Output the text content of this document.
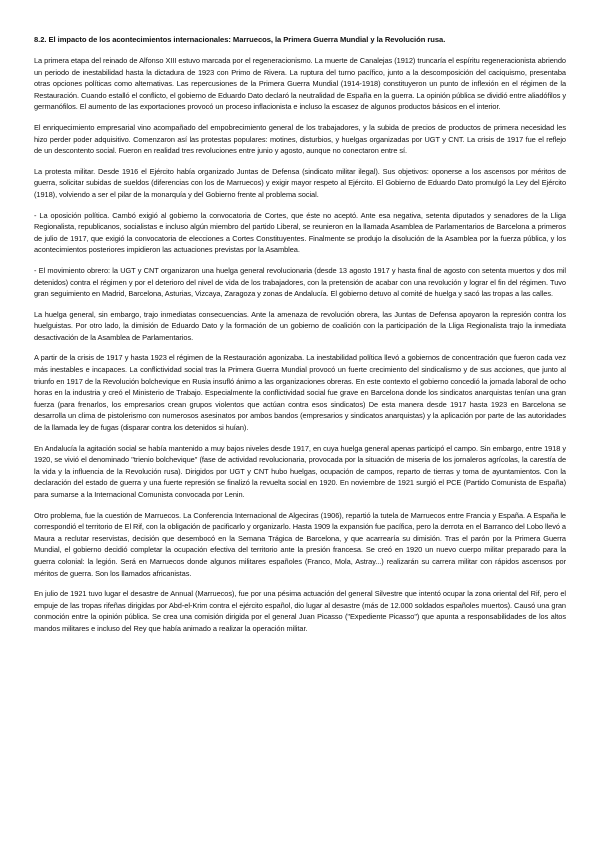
8.2. El impacto de los acontecimientos internacionales: Marruecos, la Primera Guerra Mundial y la Revolución rusa.

La primera etapa del reinado de Alfonso XIII estuvo marcada por el regeneracionismo. La muerte de Canalejas (1912) truncaría el espíritu regeneracionista abriendo un periodo de inestabilidad hasta la dictadura de 1923 con Primo de Rivera. La ruptura del turno pacífico, junto a la descomposición del caciquismo, presentaba otras opciones políticas como alternativas. Las repercusiones de la Primera Guerra Mundial (1914-1918) constituyeron un punto de inflexión en el régimen de la Restauración. Cuando estalló el conflicto, el gobierno de Eduardo Dato declaró la neutralidad de España en la guerra. La opinión pública se dividió entre aliadófilos y germanófilos. El aumento de las exportaciones provocó un proceso inflacionista e incluso la escasez de algunos productos básicos en el interior.

El enriquecimiento empresarial vino acompañado del empobrecimiento general de los trabajadores, y la subida de precios de productos de primera necesidad les hizo perder poder adquisitivo. Comenzaron así las protestas populares: motines, disturbios, y huelgas organizadas por UGT y CNT. La crisis de 1917 fue el reflejo de un descontento social. Fueron en realidad tres revoluciones entre junio y agosto, aunque no conectaron entre sí.

La protesta militar. Desde 1916 el Ejército había organizado Juntas de Defensa (sindicato militar ilegal). Sus objetivos: oponerse a los ascensos por méritos de guerra, solicitar subidas de sueldos (diferencias con los de Marruecos) y exigir mayor respeto al Ejército. El Gobierno de Eduardo Dato promulgó la Ley del Ejército (1918), volviendo a ser el pilar de la monarquía y del Gobierno frente al problema social.

- La oposición política. Cambó exigió al gobierno la convocatoria de Cortes, que éste no aceptó. Ante esa negativa, setenta diputados y senadores de la Lliga Regionalista, republicanos, socialistas e incluso algún miembro del partido Liberal, se reunieron en la llamada Asamblea de Parlamentarios de Barcelona a primeros de julio de 1917, que exigió la convocatoria de elecciones a Cortes Constituyentes. Finalmente se produjo la disolución de la Asamblea por la fuerza pública, y los acontecimientos posteriores impidieron las actuaciones previstas por la Asamblea.

- El movimiento obrero: la UGT y CNT organizaron una huelga general revolucionaria (desde 13 agosto 1917 y hasta final de agosto con setenta muertos y dos mil detenidos) contra el régimen y por el deterioro del nivel de vida de los trabajadores, con la pretensión de acabar con una revolución y lograr el fin del régimen. Tuvo gran seguimiento en Madrid, Barcelona, Asturias, Vizcaya, Zaragoza y zonas de Andalucía. El gobierno detuvo al comité de huelga y sacó las tropas a las calles.

La huelga general, sin embargo, trajo inmediatas consecuencias. Ante la amenaza de revolución obrera, las Juntas de Defensa apoyaron la represión contra los huelguistas. Por otro lado, la dimisión de Eduardo Dato y la formación de un gobierno de coalición con la participación de la Lliga Regionalista trajo la inmediata desactivación de la Asamblea de Parlamentarios.

A partir de la crisis de 1917 y hasta 1923 el régimen de la Restauración agonizaba. La inestabilidad política llevó a gobiernos de concentración que fueron cada vez más inestables e incapaces. La conflictividad social tras la Primera Guerra Mundial provocó un fuerte crecimiento del sindicalismo y de sus acciones, que junto al triunfo en 1917 de la Revolución bolchevique en Rusia insufló ánimo a las organizaciones obreras. En este contexto el gobierno concedió la jornada laboral de ocho horas en la industria y creó el Ministerio de Trabajo. Especialmente la conflictividad social fue grave en Barcelona donde los sindicatos anarquistas tenían una gran fuerza (para frenarlos, los empresarios crean grupos violentos que actúan contra esos sindicatos) De esta manera desde 1917 hasta 1923 en Barcelona se desarrolla un clima de pistolerismo con numerosos asesinatos por ambos bandos (empresarios y sindicatos anarquistas) y la aplicación por parte de las autoridades de la llamada ley de fugas (disparar contra los detenidos si huían).

En Andalucía la agitación social se había mantenido a muy bajos niveles desde 1917, en cuya huelga general apenas participó el campo. Sin embargo, entre 1918 y 1920, se vivió el denominado "trienio bolchevique" (fase de actividad revolucionaria, provocada por la situación de miseria de los jornaleros agrícolas, la carestía de la vida y la influencia de la Revolución rusa). Dirigidos por UGT y CNT hubo huelgas, ocupación de campos, reparto de tierras y toma de ayuntamientos. Con la declaración del estado de guerra y una fuerte represión se finalizó la revuelta social en 1920. En noviembre de 1921 surgió el PCE (Partido Comunista de España) para sumarse a la Internacional Comunista convocada por Lenin.

Otro problema, fue la cuestión de Marruecos. La Conferencia Internacional de Algeciras (1906), repartió la tutela de Marruecos entre Francia y España. A España le correspondió el territorio de El Rif, con la obligación de pacificarlo y organizarlo. Hasta 1909 la expansión fue pacífica, pero la derrota en el Barranco del Lobo llevó a Maura a reclutar reservistas, decisión que desembocó en la Semana Trágica de Barcelona, y que acarrearía su dimisión. Tras el parón por la Primera Guerra Mundial, el gobierno decidió completar la ocupación efectiva del territorio ante la presión francesa. Se creó en 1920 un nuevo cuerpo militar preparado para la guerra colonial: la legión. Será en Marruecos donde algunos militares españoles (Franco, Mola, Astray...) realizarán su carrera militar con rápidos ascensos por méritos de guerra. Son los llamados africanistas.

En julio de 1921 tuvo lugar el desastre de Annual (Marruecos), fue por una pésima actuación del general Silvestre que intentó ocupar la zona oriental del Rif, pero el empuje de las tropas rifeñas dirigidas por Abd-el-Krim contra el ejército español, dio lugar al desastre (más de 12.000 soldados españoles muertos). Causó una gran conmoción entre la opinión pública. Se crea una comisión dirigida por el general Juan Picasso ("Expediente Picasso") que apunta a responsabilidades de los altos mandos militares e incluso del Rey que había animado a realizar la operación militar.
